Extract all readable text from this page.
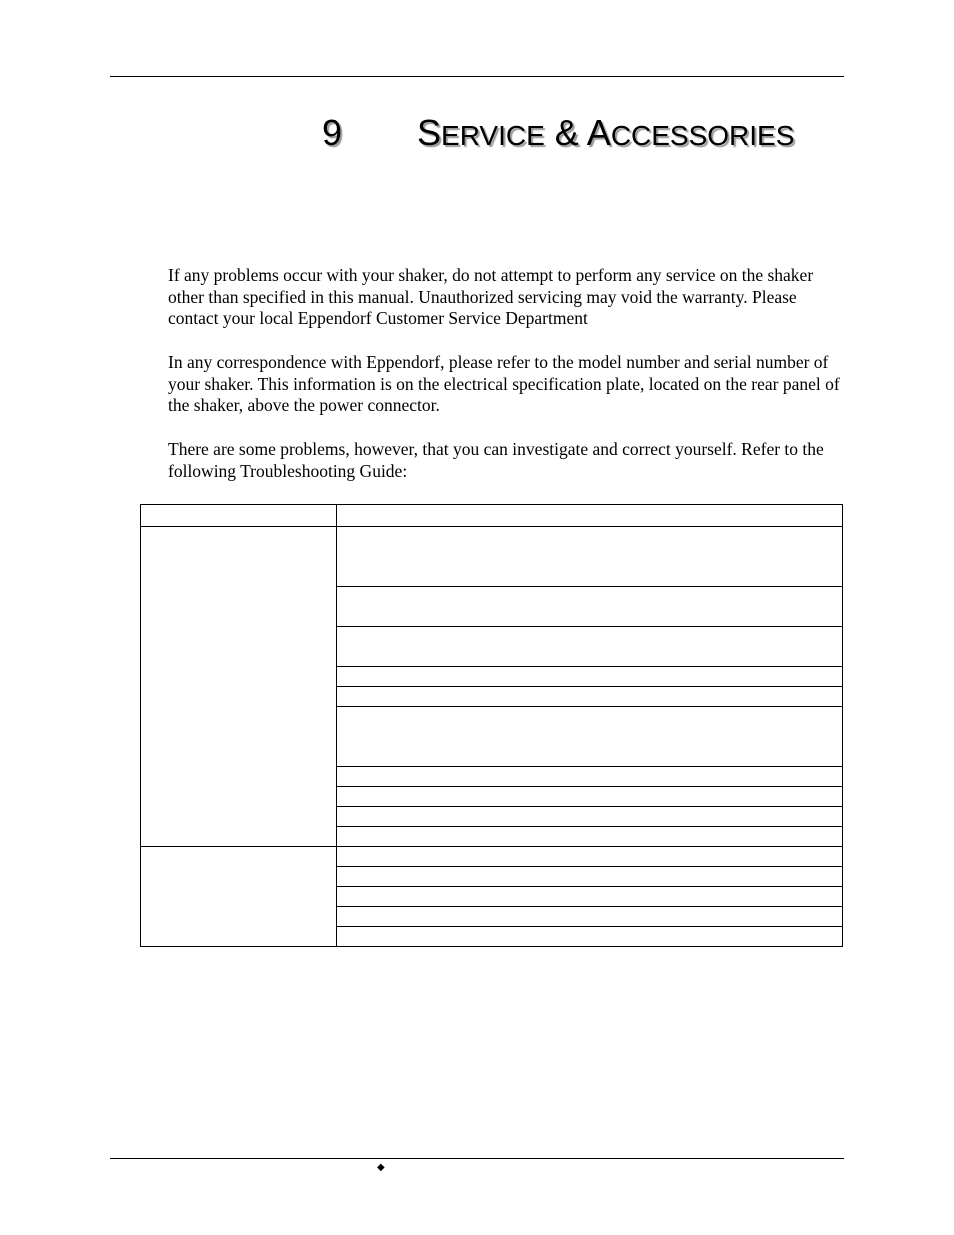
9 SERVICE & ACCESSORIES

If any problems occur with your shaker, do not attempt to perform any service on the shaker other than specified in this manual. Unauthorized servicing may void the warranty. Please contact your local Eppendorf Customer Service Department

In any correspondence with Eppendorf, please refer to the model number and serial number of your shaker. This information is on the electrical specification plate, located on the rear panel of the shaker, above the power connector.

There are some problems, however, that you can investigate and correct yourself. Refer to the following Troubleshooting Guide:

◆
